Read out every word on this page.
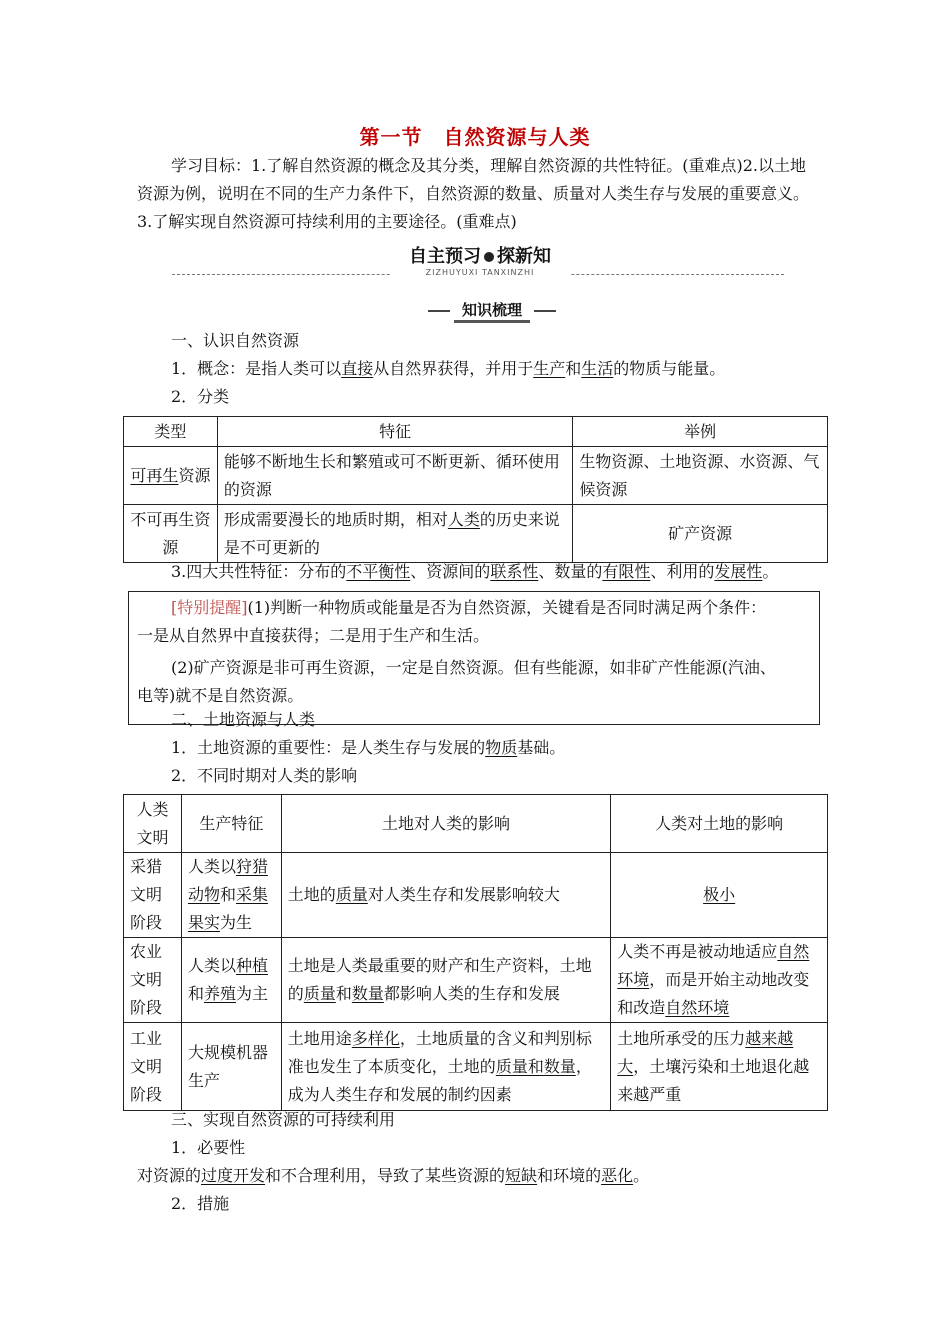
第一节　自然资源与人类
学习目标：1.了解自然资源的概念及其分类，理解自然资源的共性特征。(重难点)2.以土地资源为例，说明在不同的生产力条件下，自然资源的数量、质量对人类生存与发展的重要意义。3.了解实现自然资源可持续利用的主要途径。(重难点)
自主预习 探新知
ZIZHUYUXI TANXINZHI
知识梳理
一、认识自然资源
1．概念：是指人类可以直接从自然界获得，并用于生产和生活的物质与能量。
2．分类
类型	特征	举例
可再生资源	能够不断地生长和繁殖或可不断更新、循环使用的资源	生物资源、土地资源、水资源、气候资源
不可再生资源	形成需要漫长的地质时期，相对人类的历史来说是不可更新的	矿产资源
3.四大共性特征：分布的不平衡性、资源间的联系性、数量的有限性、利用的发展性。
[特别提醒](1)判断一种物质或能量是否为自然资源，关键看是否同时满足两个条件：
一是从自然界中直接获得；二是用于生产和生活。
(2)矿产资源是非可再生资源，一定是自然资源。但有些能源，如非矿产性能源(汽油、
电等)就不是自然资源。
二、土地资源与人类
1．土地资源的重要性：是人类生存与发展的物质基础。
2．不同时期对人类的影响
人类文明	生产特征	土地对人类的影响	人类对土地的影响
采猎文明阶段	人类以狩猎动物和采集果实为生	土地的质量对人类生存和发展影响较大	极小
农业文明阶段	人类以种植和养殖为主	土地是人类最重要的财产和生产资料，土地的质量和数量都影响人类的生存和发展	人类不再是被动地适应自然环境，而是开始主动地改变和改造自然环境
工业文明阶段	大规模机器生产	土地用途多样化，土地质量的含义和判别标准也发生了本质变化，土地的质量和数量，成为人类生存和发展的制约因素	土地所承受的压力越来越大，土壤污染和土地退化越来越严重
三、实现自然资源的可持续利用
1．必要性
对资源的过度开发和不合理利用，导致了某些资源的短缺和环境的恶化。
2．措施
